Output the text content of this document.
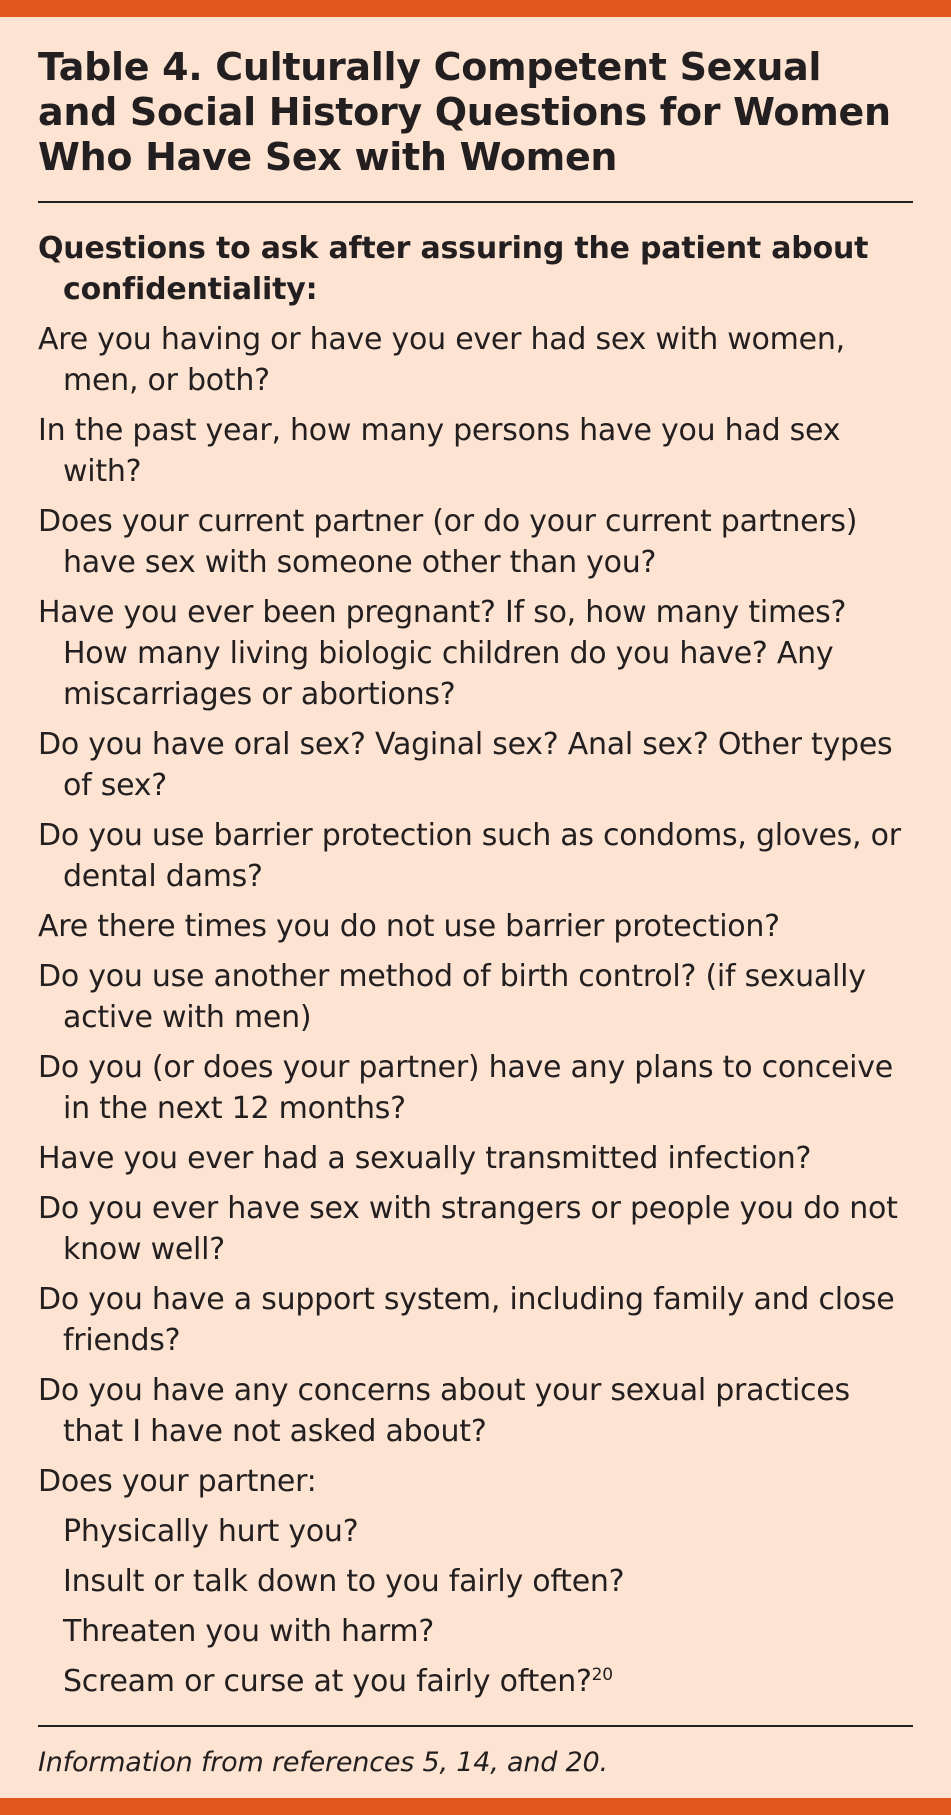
Table 4. Culturally Competent Sexual and Social History Questions for Women Who Have Sex with Women
Questions to ask after assuring the patient about confidentiality:
Are you having or have you ever had sex with women, men, or both?
In the past year, how many persons have you had sex with?
Does your current partner (or do your current partners) have sex with someone other than you?
Have you ever been pregnant? If so, how many times? How many living biologic children do you have? Any miscarriages or abortions?
Do you have oral sex? Vaginal sex? Anal sex? Other types of sex?
Do you use barrier protection such as condoms, gloves, or dental dams?
Are there times you do not use barrier protection?
Do you use another method of birth control? (if sexually active with men)
Do you (or does your partner) have any plans to conceive in the next 12 months?
Have you ever had a sexually transmitted infection?
Do you ever have sex with strangers or people you do not know well?
Do you have a support system, including family and close friends?
Do you have any concerns about your sexual practices that I have not asked about?
Does your partner:
Physically hurt you?
Insult or talk down to you fairly often?
Threaten you with harm?
Scream or curse at you fairly often?$^{20}$
Information from references 5, 14, and 20.
